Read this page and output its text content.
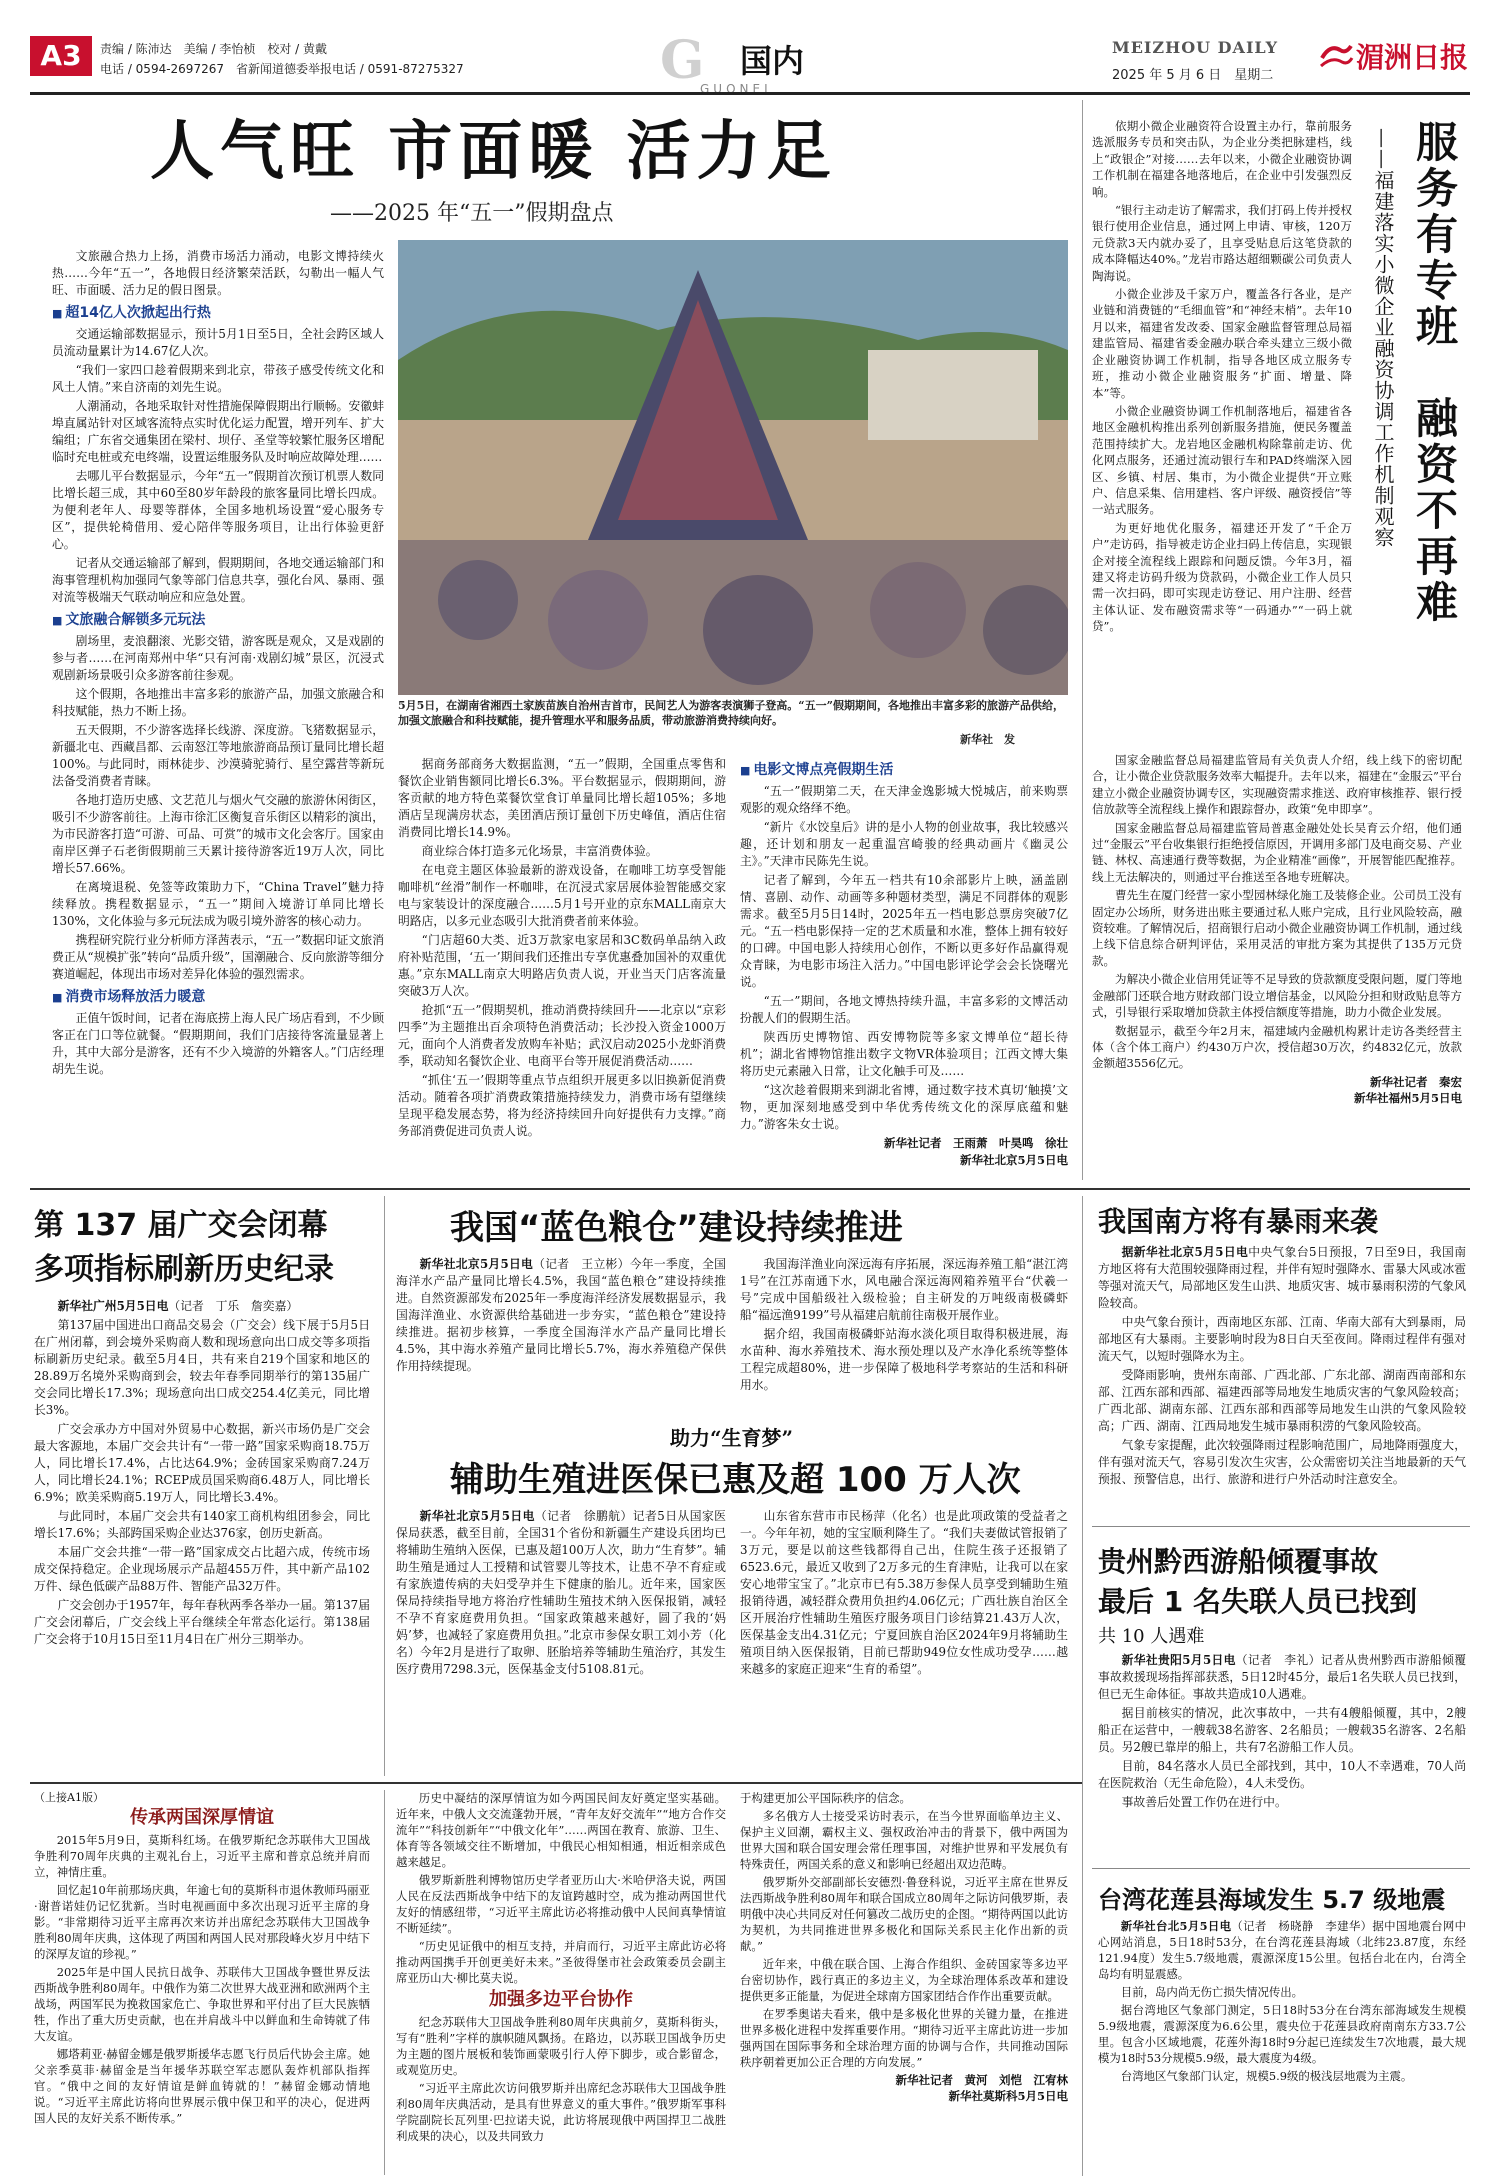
A3	责编 / 陈沛达　美编 / 李怡桢　校对 / 黄戴
电话 / 0594-2697267　省新闻道德委举报电话 / 0591-87275327	G 国内
GUONEI
MEIZHOU DAILY
2025 年 5 月 6 日　星期二
湄洲日报
人气旺 市面暖 活力足
——2025 年“五一”假期盘点

文旅融合热力上扬，消费市场活力涌动，电影文博持续火热……今年“五一”，各地假日经济繁荣活跃，勾勒出一幅人气旺、市面暖、活力足的假日图景。

■ 超14亿人次掀起出行热

交通运输部数据显示，预计5月1日至5日，全社会跨区域人员流动量累计为14.67亿人次。

“我们一家四口趁着假期来到北京，带孩子感受传统文化和风土人情。”来自济南的刘先生说。

人潮涌动，各地采取针对性措施保障假期出行顺畅。安徽蚌埠直属站针对区域客流特点实时优化运力配置，增开列车、扩大编组；广东省交通集团在梁村、坝仔、圣堂等较繁忙服务区增配临时充电桩或充电终端，设置运维服务队及时响应故障处理……

去哪儿平台数据显示，今年“五一”假期首次预订机票人数同比增长超三成，其中60至80岁年龄段的旅客量同比增长四成。为便利老年人、母婴等群体，全国多地机场设置“爱心服务专区”，提供轮椅借用、爱心陪伴等服务项目，让出行体验更舒心。

记者从交通运输部了解到，假期期间，各地交通运输部门和海事管理机构加强同气象等部门信息共享，强化台风、暴雨、强对流等极端天气联动响应和应急处置。

■ 文旅融合解锁多元玩法

剧场里，麦浪翻滚、光影交错，游客既是观众，又是戏剧的参与者……在河南郑州中华“只有河南·戏剧幻城”景区，沉浸式观剧新场景吸引众多游客前往参观。

这个假期，各地推出丰富多彩的旅游产品，加强文旅融合和科技赋能，热力不断上扬。

五天假期，不少游客选择长线游、深度游。飞猪数据显示，新疆北屯、西藏昌都、云南怒江等地旅游商品预订量同比增长超100%。与此同时，雨林徒步、沙漠骑驼骑行、星空露营等新玩法备受消费者青睐。

各地打造历史感、文艺范儿与烟火气交融的旅游休闲街区，吸引不少游客前往。上海市徐汇区衡复音乐街区以精彩的演出，为市民游客打造“可游、可品、可赏”的城市文化会客厅。国家由南岸区弹子石老街假期前三天累计接待游客近19万人次，同比增长57.66%。

在离境退税、免签等政策助力下，“China Travel”魅力持续释放。携程数据显示，“五一”期间入境游订单同比增长130%，文化体验与多元玩法成为吸引境外游客的核心动力。

携程研究院行业分析师方泽茜表示，“五一”数据印证文旅消费正从“规模扩张”转向“品质升级”，国潮融合、反向旅游等细分赛道崛起，体现出市场对差异化体验的强烈需求。

■ 消费市场释放活力暖意

正值午饭时间，记者在海底捞上海人民广场店看到，不少顾客正在门口等位就餐。“假期期间，我们门店接待客流量显著上升，其中大部分是游客，还有不少入境游的外籍客人。”门店经理胡先生说。

5月5日，在湖南省湘西土家族苗族自治州吉首市，民间艺人为游客表演狮子登高。“五一”假期期间，各地推出丰富多彩的旅游产品供给，加强文旅融合和科技赋能，提升管理水平和服务品质，带动旅游消费持续向好。
新华社　发

据商务部商务大数据监测，“五一”假期，全国重点零售和餐饮企业销售额同比增长6.3%。平台数据显示，假期期间，游客贡献的地方特色菜餐饮堂食订单量同比增长超105%；多地酒店呈现满房状态，美团酒店预订量创下历史峰值，酒店住宿消费同比增长14.9%。

商业综合体打造多元化场景，丰富消费体验。

在电竞主题区体验最新的游戏设备，在咖啡工坊享受智能咖啡机“丝滑”制作一杯咖啡，在沉浸式家居展体验智能感交家电与家装设计的深度融合……5月1号开业的京东MALL南京大明路店，以多元业态吸引大批消费者前来体验。

“门店超60大类、近3万款家电家居和3C数码单品纳入政府补贴范围，‘五一’期间我们还推出专享优惠叠加国补的双重优惠。”京东MALL南京大明路店负责人说，开业当天门店客流量突破3万人次。

抢抓“五一”假期契机，推动消费持续回升——北京以“京彩四季”为主题推出百余项特色消费活动；长沙投入资金1000万元，面向个人消费者发放购车补贴；武汉启动2025小龙虾消费季，联动知名餐饮企业、电商平台等开展促消费活动……

“抓住‘五一’假期等重点节点组织开展更多以旧换新促消费活动。随着各项扩消费政策措施持续发力，消费市场有望继续呈现平稳发展态势，将为经济持续回升向好提供有力支撑。”商务部消费促进司负责人说。

■ 电影文博点亮假期生活

“五一”假期第二天，在天津金逸影城大悦城店，前来购票观影的观众络绎不绝。

“新片《水饺皇后》讲的是小人物的创业故事，我比较感兴趣，还计划和朋友一起重温宫崎骏的经典动画片《幽灵公主》。”天津市民陈先生说。

记者了解到，今年五一档共有10余部影片上映，涵盖剧情、喜剧、动作、动画等多种题材类型，满足不同群体的观影需求。截至5月5日14时，2025年五一档电影总票房突破7亿元。“五一档电影保持一定的艺术质量和水准，整体上拥有较好的口碑。中国电影人持续用心创作，不断以更多好作品赢得观众青睐，为电影市场注入活力。”中国电影评论学会会长饶曙光说。

“五一”期间，各地文博热持续升温，丰富多彩的文博活动扮靓人们的假期生活。

陕西历史博物馆、西安博物院等多家文博单位“超长待机”；湖北省博物馆推出数字文物VR体验项目；江西文博大集将历史元素融入日常，让文化触手可及……

“这次趁着假期来到湖北省博，通过数字技术真切‘触摸’文物，更加深刻地感受到中华优秀传统文化的深厚底蕴和魅力。”游客朱女士说。

新华社记者　王雨萧　叶昊鸣　徐壮
新华社北京5月5日电

依期小微企业融资符合设置主办行，靠前服务选派服务专员和突击队，为企业分类把脉建档，线上“政银企”对接……去年以来，小微企业融资协调工作机制在福建各地落地后，在企业中引发强烈反响。

“银行主动走访了解需求，我们打码上传并授权银行使用企业信息，通过网上申请、审核，120万元贷款3天内就办妥了，且享受贴息后这笔贷款的成本降幅达40%。”龙岩市路达超细颗碳公司负责人陶海说。

小微企业涉及千家万户，覆盖各行各业，是产业链和消费链的“毛细血管”和“神经末梢”。去年10月以来，福建省发改委、国家金融监督管理总局福建监管局、福建省委金融办联合牵头建立三级小微企业融资协调工作机制，指导各地区成立服务专班，推动小微企业融资服务“扩面、增量、降本”等。

小微企业融资协调工作机制落地后，福建省各地区金融机构推出系列创新服务措施，便民务覆盖范围持续扩大。龙岩地区金融机构除靠前走访、优化网点服务，还通过流动银行车和PAD终端深入园区、乡镇、村居、集市，为小微企业提供“开立账户、信息采集、信用建档、客户评级、融资授信”等一站式服务。

为更好地优化服务，福建还开发了“千企万户”走访码，指导被走访企业扫码上传信息，实现银企对接全流程线上跟踪和问题反馈。今年3月，福建又将走访码升级为贷款码，小微企业工作人员只需一次扫码，即可实现走访登记、用户注册、经营主体认证、发布融资需求等“一码通办”“一码上就贷”。

服务有专班　融资不再难
——福建落实小微企业融资协调工作机制观察

国家金融监督总局福建监管局有关负责人介绍，线上线下的密切配合，让小微企业贷款服务效率大幅提升。去年以来，福建在“金服云”平台建立小微企业融资协调专区，实现融资需求推送、政府审核推荐、银行授信放款等全流程线上操作和跟踪督办，政策“免申即享”。

国家金融监督总局福建监管局普惠金融处处长吴育云介绍，他们通过“金服云”平台收集银行拒绝授信原因，开调用多部门及电商交易、产业链、林权、高速通行费等数据，为企业精准“画像”，开展智能匹配推荐。线上无法解决的，则通过平台推送至各地专班解决。

曹先生在厦门经营一家小型园林绿化施工及装修企业。公司员工没有固定办公场所，财务进出账主要通过私人账户完成，且行业风险较高，融资较难。了解情况后，招商银行启动小微企业融资协调工作机制，通过线上线下信息综合研判评估，采用灵活的审批方案为其提供了135万元贷款。

为解决小微企业信用凭证等不足导致的贷款额度受限问题，厦门等地金融部门还联合地方财政部门设立增信基金，以风险分担和财政贴息等方式，引导银行采取增加贷款主体授信额度等措施，助力小微企业发展。

数据显示，截至今年2月末，福建域内金融机构累计走访各类经营主体（含个体工商户）约430万户次，授信超30万次，约4832亿元，放款金额超3556亿元。

新华社记者　秦宏
新华社福州5月5日电
第 137 届广交会闭幕
多项指标刷新历史纪录

新华社广州5月5日电（记者　丁乐　詹奕嘉）

第137届中国进出口商品交易会（广交会）线下展于5月5日在广州闭幕，到会境外采购商人数和现场意向出口成交等多项指标刷新历史纪录。截至5月4日，共有来自219个国家和地区的28.89万名境外采购商到会，较去年春季同期举行的第135届广交会同比增长17.3%；现场意向出口成交254.4亿美元，同比增长3%。

广交会承办方中国对外贸易中心数据，新兴市场仍是广交会最大客源地，本届广交会共计有“一带一路”国家采购商18.75万人，同比增长17.4%，占比达64.9%；金砖国家采购商7.24万人，同比增长24.1%；RCEP成员国采购商6.48万人，同比增长6.9%；欧美采购商5.19万人，同比增长3.4%。

与此同时，本届广交会共有140家工商机构组团参会，同比增长17.6%；头部跨国采购企业达376家，创历史新高。

本届广交会共推“一带一路”国家成交占比超六成，传统市场成交保持稳定。企业现场展示产品超455万件，其中新产品102万件、绿色低碳产品88万件、智能产品32万件。

广交会创办于1957年，每年春秋两季各举办一届。第137届广交会闭幕后，广交会线上平台继续全年常态化运行。第138届广交会将于10月15日至11月4日在广州分三期举办。

我国“蓝色粮仓”建设持续推进

新华社北京5月5日电（记者　王立彬）今年一季度，全国海洋水产品产量同比增长4.5%，我国“蓝色粮仓”建设持续推进。自然资源部发布2025年一季度海洋经济发展数据显示，我国海洋渔业、水资源供给基础进一步夯实，“蓝色粮仓”建设持续推进。据初步核算，一季度全国海洋水产品产量同比增长4.5%，其中海水养殖产量同比增长5.7%，海水养殖稳产保供作用持续提现。

我国海洋渔业向深远海有序拓展，深远海养殖工船“湛江湾1号”在江苏南通下水，风电融合深远海网箱养殖平台“伏羲一号”完成中国船级社入级检验；自主研发的万吨级南极磷虾船“福远渔9199”号从福建启航前往南极开展作业。

据介绍，我国南极磷虾站海水淡化项目取得积极进展，海水苗种、海水养殖技术、海水预处理以及产水净化系统等整体工程完成超80%，进一步保障了极地科学考察站的生活和科研用水。

助力“生育梦”
辅助生殖进医保已惠及超 100 万人次

新华社北京5月5日电（记者　徐鹏航）记者5日从国家医保局获悉，截至目前，全国31个省份和新疆生产建设兵团均已将辅助生殖纳入医保，已惠及超100万人次，助力“生育梦”。辅助生殖是通过人工授精和试管婴儿等技术，让患不孕不育症或有家族遗传病的夫妇受孕并生下健康的胎儿。近年来，国家医保局持续指导地方将治疗性辅助生殖技术纳入医保报销，减轻不孕不育家庭费用负担。“国家政策越来越好，圆了我的‘妈妈’梦，也减轻了家庭费用负担。”北京市参保女职工刘小芳（化名）今年2月是进行了取卵、胚胎培养等辅助生殖治疗，其发生医疗费用7298.3元，医保基金支付5108.81元。

山东省东营市市民杨萍（化名）也是此项政策的受益者之一。今年年初，她的宝宝顺利降生了。“我们夫妻做试管报销了3万元，要是以前这些钱都得自己出，住院生孩子还报销了6523.6元，最近又收到了2万多元的生育津贴，让我可以在家安心地带宝宝了。”北京市已有5.38万参保人员享受到辅助生殖报销待遇，减轻群众费用负担约4.06亿元；广西壮族自治区全区开展治疗性辅助生殖医疗服务项目门诊结算21.43万人次，医保基金支出4.31亿元；宁夏回族自治区2024年9月将辅助生殖项目纳入医保报销，目前已帮助949位女性成功受孕……越来越多的家庭正迎来“生育的希望”。

我国南方将有暴雨来袭

据新华社北京5月5日电中央气象台5日预报，7日至9日，我国南方地区将有大范围较强降雨过程，并伴有短时强降水、雷暴大风或冰雹等强对流天气，局部地区发生山洪、地质灾害、城市暴雨积涝的气象风险较高。

中央气象台预计，西南地区东部、江南、华南大部有大到暴雨，局部地区有大暴雨。主要影响时段为8日白天至夜间。降雨过程伴有强对流天气，以短时强降水为主。

受降雨影响，贵州东南部、广西北部、广东北部、湖南西南部和东部、江西东部和西部、福建西部等局地发生地质灾害的气象风险较高；广西北部、湖南东部、江西东部和西部等局地发生山洪的气象风险较高；广西、湖南、江西局地发生城市暴雨积涝的气象风险较高。

气象专家提醒，此次较强降雨过程影响范围广，局地降雨强度大，伴有强对流天气，容易引发次生灾害，公众需密切关注当地最新的天气预报、预警信息，出行、旅游和进行户外活动时注意安全。

贵州黔西游船倾覆事故
最后 1 名失联人员已找到
共 10 人遇难

新华社贵阳5月5日电（记者　李礼）记者从贵州黔西市游船倾覆事故救援现场指挥部获悉，5日12时45分，最后1名失联人员已找到，但已无生命体征。事故共造成10人遇难。

据目前核实的情况，此次事故中，一共有4艘船倾覆，其中，2艘船正在运营中，一艘载38名游客、2名船员；一艘载35名游客、2名船员。另2艘已靠岸的船上，共有7名游船工作人员。

目前，84名落水人员已全部找到，其中，10人不幸遇难，70人尚在医院救治（无生命危险），4人未受伤。

事故善后处置工作仍在进行中。

台湾花莲县海域发生 5.7 级地震

新华社台北5月5日电（记者　杨晓静　李建华）据中国地震台网中心网站消息，5日18时53分，在台湾花莲县海域（北纬23.87度，东经121.94度）发生5.7级地震，震源深度15公里。包括台北在内，台湾全岛均有明显震感。

目前，岛内尚无伤亡损失情况传出。

据台湾地区气象部门测定，5日18时53分在台湾东部海域发生规模5.9级地震，震源深度为6.6公里，震央位于花莲县政府南南东方33.7公里。包含小区域地震，花莲外海18时9分起已连续发生7次地震，最大规模为18时53分规模5.9级，最大震度为4级。

台湾地区气象部门认定，规模5.9级的极浅层地震为主震。

（上接A1版）
传承两国深厚情谊

2015年5月9日，莫斯科红场。在俄罗斯纪念苏联伟大卫国战争胜利70周年庆典的主观礼台上，习近平主席和普京总统并肩而立，神情庄重。

回忆起10年前那场庆典，年逾七旬的莫斯科市退休教师玛丽亚·谢普诺娃仍记忆犹新。当时电视画面中多次出现习近平主席的身影。“非常期待习近平主席再次来访并出席纪念苏联伟大卫国战争胜利80周年庆典，这体现了两国和两国人民对那段峰火岁月中结下的深厚友谊的珍视。”

2025年是中国人民抗日战争、苏联伟大卫国战争暨世界反法西斯战争胜利80周年。中俄作为第二次世界大战亚洲和欧洲两个主战场，两国军民为挽救国家危亡、争取世界和平付出了巨大民族牺牲，作出了重大历史贡献，也在并肩战斗中以鲜血和生命铸就了伟大友谊。

娜塔莉亚·赫留金娜是俄罗斯援华志愿飞行员后代协会主席。她父亲季莫菲·赫留金是当年援华苏联空军志愿队轰炸机部队指挥官。“俄中之间的友好情谊是鲜血铸就的！”赫留金娜动情地说。“习近平主席此访将向世界展示俄中保卫和平的决心，促进两国人民的友好关系不断传承。”

历史中凝结的深厚情谊为如今两国民间友好奠定坚实基础。近年来，中俄人文交流蓬勃开展，“青年友好交流年”“地方合作交流年”“科技创新年”“中俄文化年”……两国在教育、旅游、卫生、体育等各领域交往不断增加，中俄民心相知相通，相近相亲成色越来越足。

俄罗斯新胜利博物馆历史学者亚历山大·米哈伊洛夫说，两国人民在反法西斯战争中结下的友谊跨越时空，成为推动两国世代友好的情感纽带，“习近平主席此访必将推动俄中人民间真挚情谊不断延续”。

“历史见证俄中的相互支持，并肩而行，习近平主席此访必将推动两国携手开创更美好未来。”圣彼得堡市社会政策委员会副主席亚历山大·柳比莫夫说。

加强多边平台协作

纪念苏联伟大卫国战争胜利80周年庆典前夕，莫斯科街头，写有“胜利”字样的旗帜随风飘扬。在路边，以苏联卫国战争历史为主题的图片展板和装饰画蒙吸引行人停下脚步，或合影留念，或观览历史。

“习近平主席此次访问俄罗斯并出席纪念苏联伟大卫国战争胜利80周年庆典活动，是具有世界意义的重大事件。”俄罗斯军事科学院副院长瓦列里·巴拉诺夫说，此访将展现俄中两国捍卫二战胜利成果的决心，以及共同致力

于构建更加公平国际秩序的信念。

多名俄方人士接受采访时表示，在当今世界面临单边主义、保护主义回潮，霸权主义、强权政治冲击的背景下，俄中两国为世界大国和联合国安理会常任理事国，对维护世界和平发展负有特殊责任，两国关系的意义和影响已经超出双边范畴。

俄罗斯外交部副部长安德烈·鲁登科说，习近平主席在世界反法西斯战争胜利80周年和联合国成立80周年之际访问俄罗斯，表明俄中决心共同反对任何篡改二战历史的企图。“期待两国以此访为契机，为共同推进世界多极化和国际关系民主化作出新的贡献。”

近年来，中俄在联合国、上海合作组织、金砖国家等多边平台密切协作，践行真正的多边主义，为全球治理体系改革和建设提供更多正能量，为促进全球南方国家团结合作作出重要贡献。

在罗季奥诺夫看来，俄中是多极化世界的关键力量，在推进世界多极化进程中发挥重要作用。“期待习近平主席此访进一步加强两国在国际事务和全球治理方面的协调与合作，共同推动国际秩序朝着更加公正合理的方向发展。”

新华社记者　黄河　刘恺　江宥林
新华社莫斯科5月5日电
